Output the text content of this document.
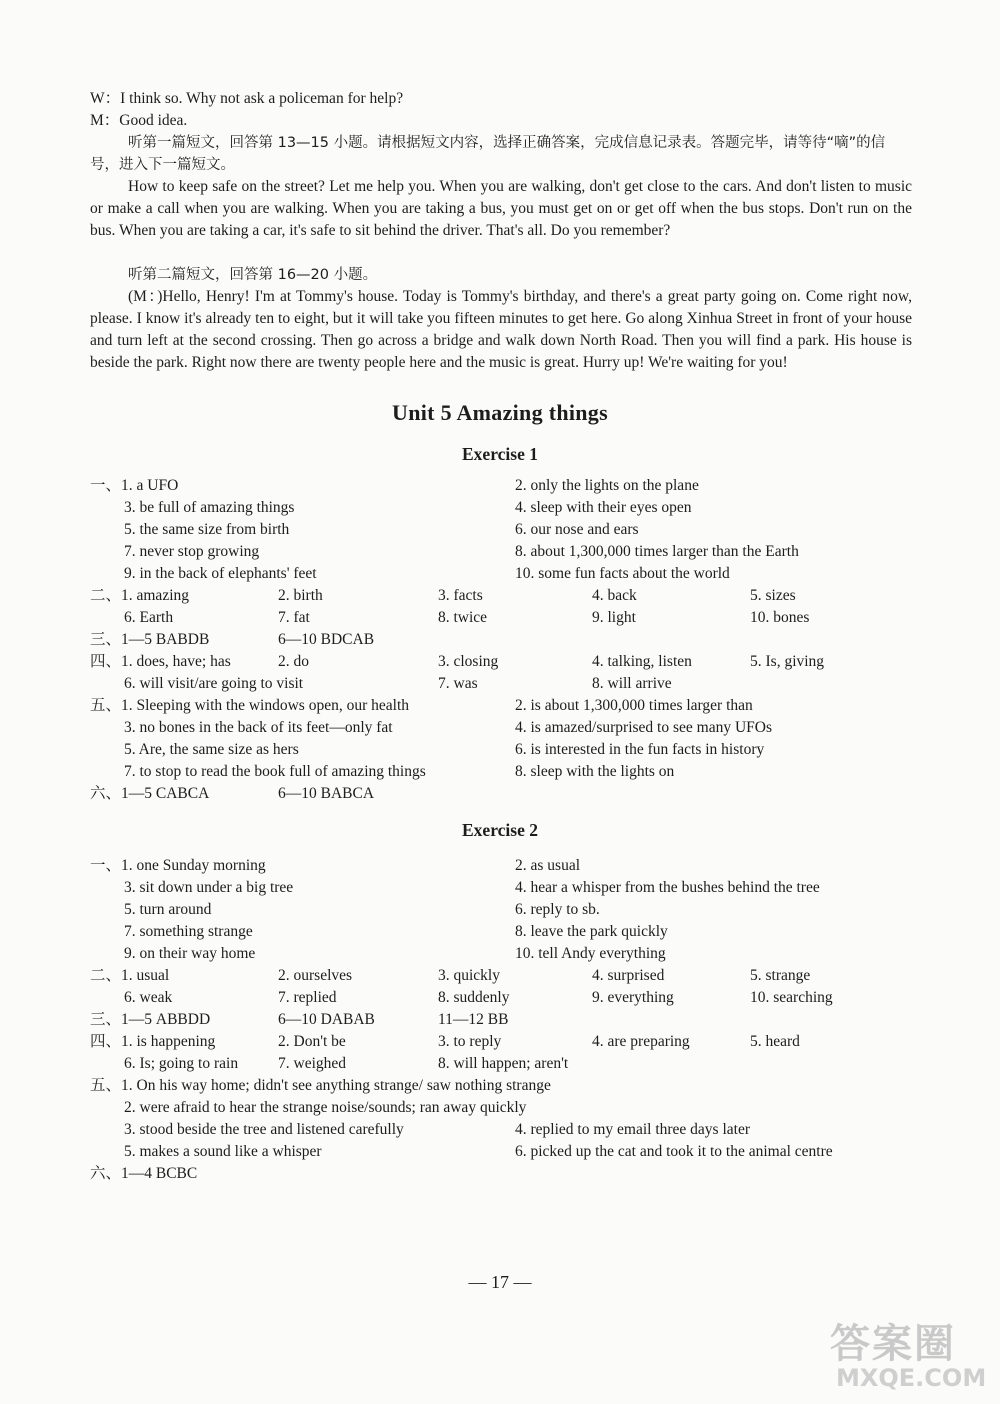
W：I think so. Why not ask a policeman for help?
M：Good idea.
听第一篇短文，回答第 13—15 小题。请根据短文内容，选择正确答案，完成信息记录表。答题完毕，请等待“嘀”的信号，进入下一篇短文。
How to keep safe on the street? Let me help you. When you are walking, don't get close to the cars. And don't listen to music or make a call when you are walking. When you are taking a bus, you must get on or get off when the bus stops. Don't run on the bus. When you are taking a car, it's safe to sit behind the driver. That's all. Do you remember?
听第二篇短文，回答第 16—20 小题。
(M：)Hello, Henry! I'm at Tommy's house. Today is Tommy's birthday, and there's a great party going on. Come right now, please. I know it's already ten to eight, but it will take you fifteen minutes to get here. Go along Xinhua Street in front of your house and turn left at the second crossing. Then go across a bridge and walk down North Road. Then you will find a park. His house is beside the park. Right now there are twenty people here and the music is great. Hurry up! We're waiting for you!
Unit 5 Amazing things
Exercise 1
一、1. a UFO	2. only the lights on the plane
3. be full of amazing things	4. sleep with their eyes open
5. the same size from birth	6. our nose and ears
7. never stop growing	8. about 1,300,000 times larger than the Earth
9. in the back of elephants' feet	10. some fun facts about the world
二、1. amazing	2. birth	3. facts	4. back	5. sizes
6. Earth	7. fat	8. twice	9. light	10. bones
三、1—5 BABDB	6—10 BDCAB
四、1. does, have; has	2. do	3. closing	4. talking, listen	5. Is, giving
6. will visit/are going to visit	7. was	8. will arrive
五、1. Sleeping with the windows open, our health	2. is about 1,300,000 times larger than
3. no bones in the back of its feet—only fat	4. is amazed/surprised to see many UFOs
5. Are, the same size as hers	6. is interested in the fun facts in history
7. to stop to read the book full of amazing things	8. sleep with the lights on
六、1—5 CABCA	6—10 BABCA
Exercise 2
一、1. one Sunday morning	2. as usual
3. sit down under a big tree	4. hear a whisper from the bushes behind the tree
5. turn around	6. reply to sb.
7. something strange	8. leave the park quickly
9. on their way home	10. tell Andy everything
二、1. usual	2. ourselves	3. quickly	4. surprised	5. strange
6. weak	7. replied	8. suddenly	9. everything	10. searching
三、1—5 ABBDD	6—10 DABAB	11—12 BB
四、1. is happening	2. Don't be	3. to reply	4. are preparing	5. heard
6. Is; going to rain	7. weighed	8. will happen; aren't
五、1. On his way home; didn't see anything strange/ saw nothing strange
2. were afraid to hear the strange noise/sounds; ran away quickly
3. stood beside the tree and listened carefully	4. replied to my email three days later
5. makes a sound like a whisper	6. picked up the cat and took it to the animal centre
六、1—4 BCBC
— 17 —
答案圈
MXQE.COM
